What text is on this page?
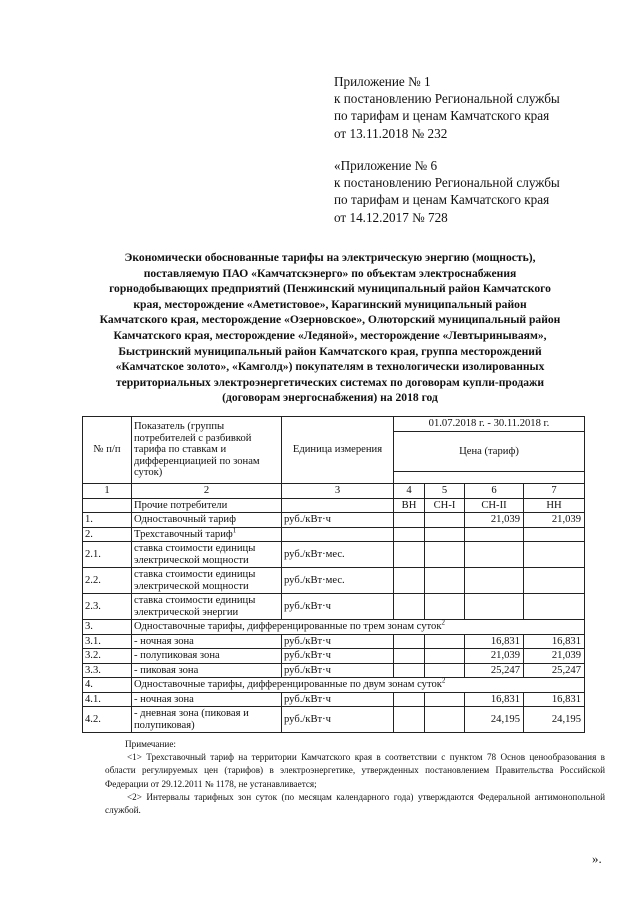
Приложение № 1
к постановлению Региональной службы
по тарифам и ценам Камчатского края
от 13.11.2018 № 232
«Приложение № 6
к постановлению Региональной службы
по тарифам и ценам Камчатского края
от 14.12.2017 № 728
Экономически обоснованные тарифы на электрическую энергию (мощность),
поставляемую ПАО «Камчатскэнерго» по объектам электроснабжения
горнодобывающих предприятий (Пенжинский муниципальный район Камчатского
края, месторождение «Аметистовое», Карагинский муниципальный район
Камчатского края, месторождение «Озерновское», Олюторский муниципальный район
Камчатского края, месторождение «Ледяной», месторождение «Левтыринываям»,
Быстринский муниципальный район Камчатского края, группа месторождений
«Камчатское золото», «Камголд») покупателям в технологически изолированных
территориальных электроэнергетических системах по договорам купли-продажи
(договорам энергоснабжения) на 2018 год
№ п/п	Показатель (группы потребителей с разбивкой тарифа по ставкам и дифференциацией по зонам суток)	Единица измерения	01.07.2018 г. - 30.11.2018 г.			
			Цена (тариф)			

1	2	3	4	5	6	7
	Прочие потребители		ВН	СН-I	СН-II	НН
1.	Одноставочный тариф	руб./кВт·ч			21,039	21,039
2.	Трехставочный тариф$^1$					
2.1.	ставка стоимости единицы электрической мощности	руб./кВт·мес.				
2.2.	ставка стоимости единицы электрической мощности	руб./кВт·мес.				
2.3.	ставка стоимости единицы электрической энергии	руб./кВт·ч				
3.	Одноставочные тарифы, дифференцированные по трем зонам суток$^2$
3.1.	- ночная зона	руб./кВт·ч			16,831	16,831
3.2.	- полупиковая зона	руб./кВт·ч			21,039	21,039
3.3.	- пиковая зона	руб./кВт·ч			25,247	25,247
4.	Одноставочные тарифы, дифференцированные по двум зонам суток$^2$
4.1.	- ночная зона	руб./кВт·ч			16,831	16,831
4.2.	- дневная зона (пиковая и полупиковая)	руб./кВт·ч			24,195	24,195

Примечание:

<1> Трехставочный тариф на территории Камчатского края в соответствии с пунктом 78 Основ ценообразования в области регулируемых цен (тарифов) в электроэнергетике, утвержденных постановлением Правительства Российской Федерации от 29.12.2011 № 1178, не устанавливается;

<2> Интервалы тарифных зон суток (по месяцам календарного года) утверждаются Федеральной антимонопольной службой.

».
